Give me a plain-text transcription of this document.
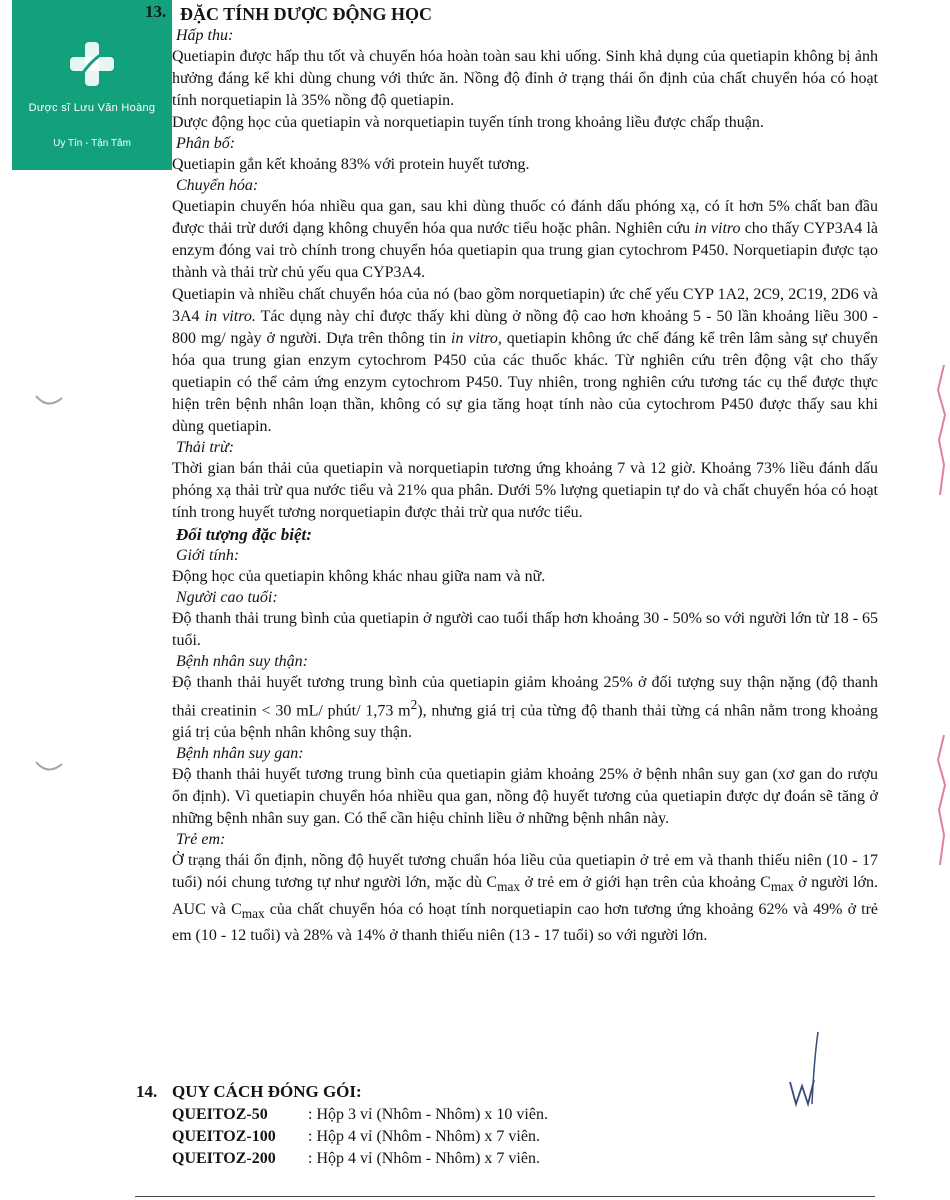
Dược sĩ Lưu Văn Hoàng
Uy Tín - Tận Tâm
13. ĐẶC TÍNH DƯỢC ĐỘNG HỌC
Hấp thu:
Quetiapin được hấp thu tốt và chuyển hóa hoàn toàn sau khi uống. Sinh khả dụng của quetiapin không bị ảnh hưởng đáng kể khi dùng chung với thức ăn. Nồng độ đỉnh ở trạng thái ổn định của chất chuyển hóa có hoạt tính norquetiapin là 35% nồng độ quetiapin.
Dược động học của quetiapin và norquetiapin tuyến tính trong khoảng liều được chấp thuận.
Phân bố:
Quetiapin gắn kết khoảng 83% với protein huyết tương.
Chuyển hóa:
Quetiapin chuyển hóa nhiều qua gan, sau khi dùng thuốc có đánh dấu phóng xạ, có ít hơn 5% chất ban đầu được thải trừ dưới dạng không chuyển hóa qua nước tiểu hoặc phân. Nghiên cứu in vitro cho thấy CYP3A4 là enzym đóng vai trò chính trong chuyển hóa quetiapin qua trung gian cytochrom P450. Norquetiapin được tạo thành và thải trừ chủ yếu qua CYP3A4.
Quetiapin và nhiều chất chuyển hóa của nó (bao gồm norquetiapin) ức chế yếu CYP 1A2, 2C9, 2C19, 2D6 và 3A4 in vitro. Tác dụng này chỉ được thấy khi dùng ở nồng độ cao hơn khoảng 5 - 50 lần khoảng liều 300 - 800 mg/ ngày ở người. Dựa trên thông tin in vitro, quetiapin không ức chế đáng kể trên lâm sàng sự chuyển hóa qua trung gian enzym cytochrom P450 của các thuốc khác. Từ nghiên cứu trên động vật cho thấy quetiapin có thể cảm ứng enzym cytochrom P450. Tuy nhiên, trong nghiên cứu tương tác cụ thể được thực hiện trên bệnh nhân loạn thần, không có sự gia tăng hoạt tính nào của cytochrom P450 được thấy sau khi dùng quetiapin.
Thải trừ:
Thời gian bán thải của quetiapin và norquetiapin tương ứng khoảng 7 và 12 giờ. Khoảng 73% liều đánh dấu phóng xạ thải trừ qua nước tiểu và 21% qua phân. Dưới 5% lượng quetiapin tự do và chất chuyển hóa có hoạt tính trong huyết tương norquetiapin được thải trừ qua nước tiểu.
Đối tượng đặc biệt:
Giới tính:
Động học của quetiapin không khác nhau giữa nam và nữ.
Người cao tuổi:
Độ thanh thải trung bình của quetiapin ở người cao tuổi thấp hơn khoảng 30 - 50% so với người lớn từ 18 - 65 tuổi.
Bệnh nhân suy thận:
Độ thanh thải huyết tương trung bình của quetiapin giảm khoảng 25% ở đối tượng suy thận nặng (độ thanh thải creatinin < 30 mL/ phút/ 1,73 $m^2$), nhưng giá trị của từng độ thanh thải từng cá nhân nằm trong khoảng giá trị của bệnh nhân không suy thận.
Bệnh nhân suy gan:
Độ thanh thải huyết tương trung bình của quetiapin giảm khoảng 25% ở bệnh nhân suy gan (xơ gan do rượu ổn định). Vì quetiapin chuyển hóa nhiều qua gan, nồng độ huyết tương của quetiapin được dự đoán sẽ tăng ở những bệnh nhân suy gan. Có thể cần hiệu chỉnh liều ở những bệnh nhân này.
Trẻ em:
Ở trạng thái ổn định, nồng độ huyết tương chuẩn hóa liều của quetiapin ở trẻ em và thanh thiếu niên (10 - 17 tuổi) nói chung tương tự như người lớn, mặc dù $C_{max}$ ở trẻ em ở giới hạn trên của khoảng $C_{max}$ ở người lớn. AUC và $C_{max}$ của chất chuyển hóa có hoạt tính norquetiapin cao hơn tương ứng khoảng 62% và 49% ở trẻ em (10 - 12 tuổi) và 28% và 14% ở thanh thiếu niên (13 - 17 tuổi) so với người lớn.
14. QUY CÁCH ĐÓNG GÓI:
QUEITOZ-50	: Hộp 3 vỉ (Nhôm - Nhôm) x 10 viên.
QUEITOZ-100 : Hộp 4 vỉ (Nhôm - Nhôm) x 7 viên.
QUEITOZ-200 : Hộp 4 vỉ (Nhôm - Nhôm) x 7 viên.
